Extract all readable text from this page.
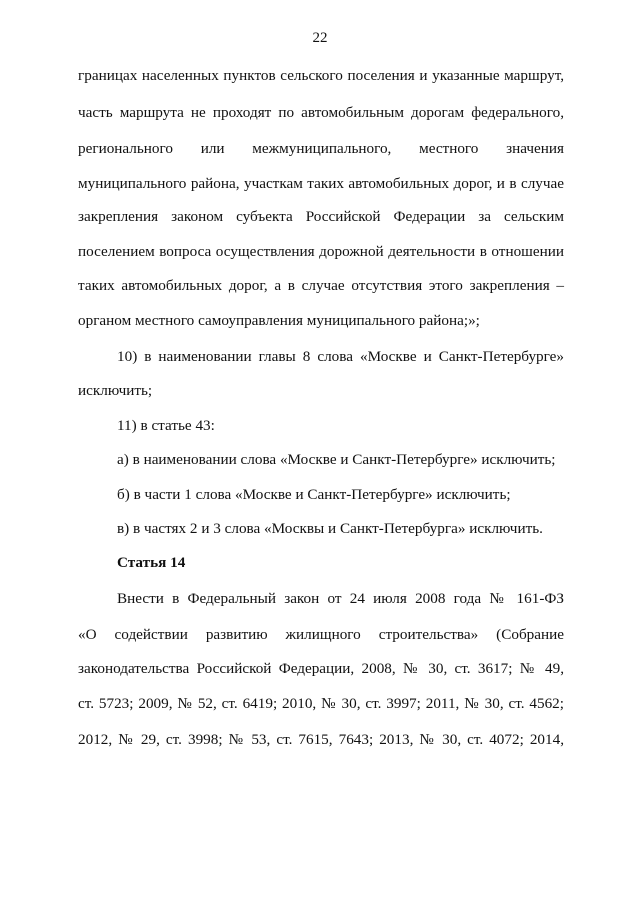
22
границах населенных пунктов сельского поселения и указанные маршрут,
часть маршрута не проходят по автомобильным дорогам федерального,
регионального или межмуниципального, местного значения
муниципального района, участкам таких автомобильных дорог, и в случае
закрепления законом субъекта Российской Федерации за сельским
поселением вопроса осуществления дорожной деятельности в отношении
таких автомобильных дорог, а в случае отсутствия этого закрепления –
органом местного самоуправления муниципального района;»;
10) в наименовании главы 8 слова «Москве и Санкт-Петербурге»
исключить;
11) в статье 43:
а) в наименовании слова «Москве и Санкт-Петербурге» исключить;
б) в части 1 слова «Москве и Санкт-Петербурге» исключить;
в) в частях 2 и 3 слова «Москвы и Санкт-Петербурга» исключить.
Статья 14
Внести в Федеральный закон от 24 июля 2008 года № 161-ФЗ
«О содействии развитию жилищного строительства» (Собрание
законодательства Российской Федерации, 2008, № 30, ст. 3617; № 49,
ст. 5723; 2009, № 52, ст. 6419; 2010, № 30, ст. 3997; 2011, № 30, ст. 4562;
2012, № 29, ст. 3998; № 53, ст. 7615, 7643; 2013, № 30, ст. 4072; 2014,
